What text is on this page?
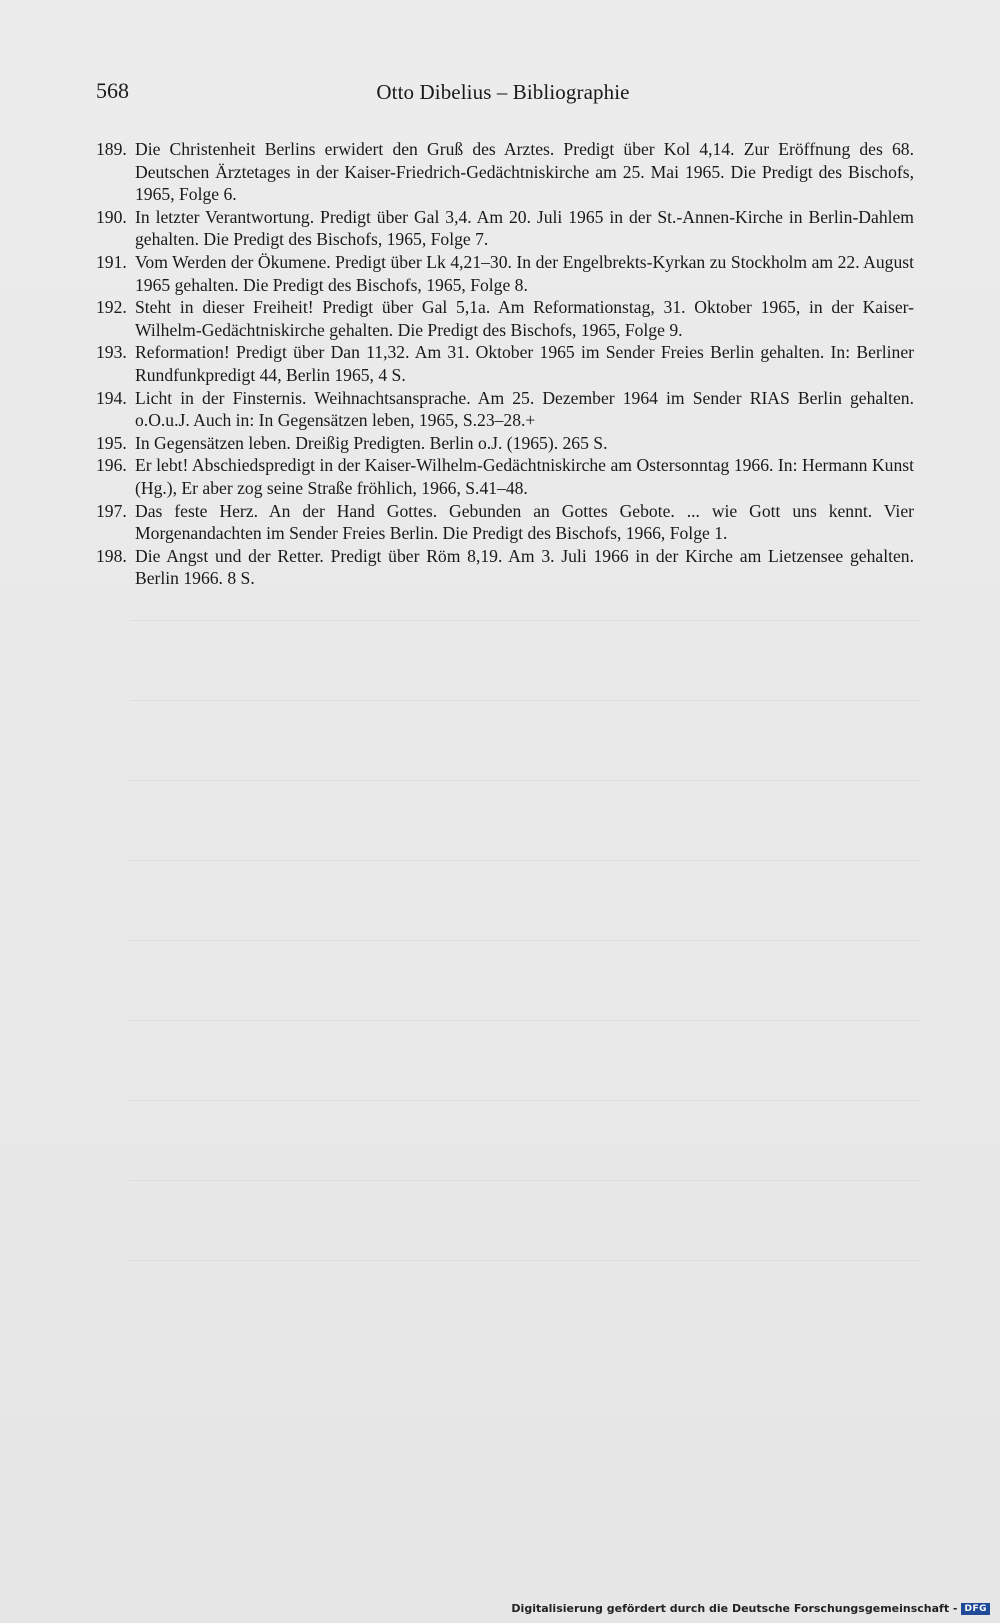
568	Otto Dibelius – Bibliographie

189. Die Christenheit Berlins erwidert den Gruß des Arztes. Predigt über Kol 4,14. Zur Eröffnung des 68. Deutschen Ärztetages in der Kaiser-Friedrich-Gedächtniskirche am 25. Mai 1965. Die Predigt des Bischofs, 1965, Folge 6.

190. In letzter Verantwortung. Predigt über Gal 3,4. Am 20. Juli 1965 in der St.-Annen-Kirche in Berlin-Dahlem gehalten. Die Predigt des Bischofs, 1965, Folge 7.

191. Vom Werden der Ökumene. Predigt über Lk 4,21–30. In der Engelbrekts-Kyrkan zu Stockholm am 22. August 1965 gehalten. Die Predigt des Bischofs, 1965, Folge 8.

192. Steht in dieser Freiheit! Predigt über Gal 5,1a. Am Reformationstag, 31. Oktober 1965, in der Kaiser-Wilhelm-Gedächtniskirche gehalten. Die Predigt des Bischofs, 1965, Folge 9.

193. Reformation! Predigt über Dan 11,32. Am 31. Oktober 1965 im Sender Freies Berlin gehalten. In: Berliner Rundfunkpredigt 44, Berlin 1965, 4 S.

194. Licht in der Finsternis. Weihnachtsansprache. Am 25. Dezember 1964 im Sender RIAS Berlin gehalten. o.O.u.J. Auch in: In Gegensätzen leben, 1965, S.23–28.+

195. In Gegensätzen leben. Dreißig Predigten. Berlin o.J. (1965). 265 S.

196. Er lebt! Abschiedspredigt in der Kaiser-Wilhelm-Gedächtniskirche am Ostersonntag 1966. In: Hermann Kunst (Hg.), Er aber zog seine Straße fröhlich, 1966, S.41–48.

197. Das feste Herz. An der Hand Gottes. Gebunden an Gottes Gebote. ... wie Gott uns kennt. Vier Morgenandachten im Sender Freies Berlin. Die Predigt des Bischofs, 1966, Folge 1.

198. Die Angst und der Retter. Predigt über Röm 8,19. Am 3. Juli 1966 in der Kirche am Lietzensee gehalten. Berlin 1966. 8 S.

Digitalisierung gefördert durch die Deutsche Forschungsgemeinschaft - DFG
